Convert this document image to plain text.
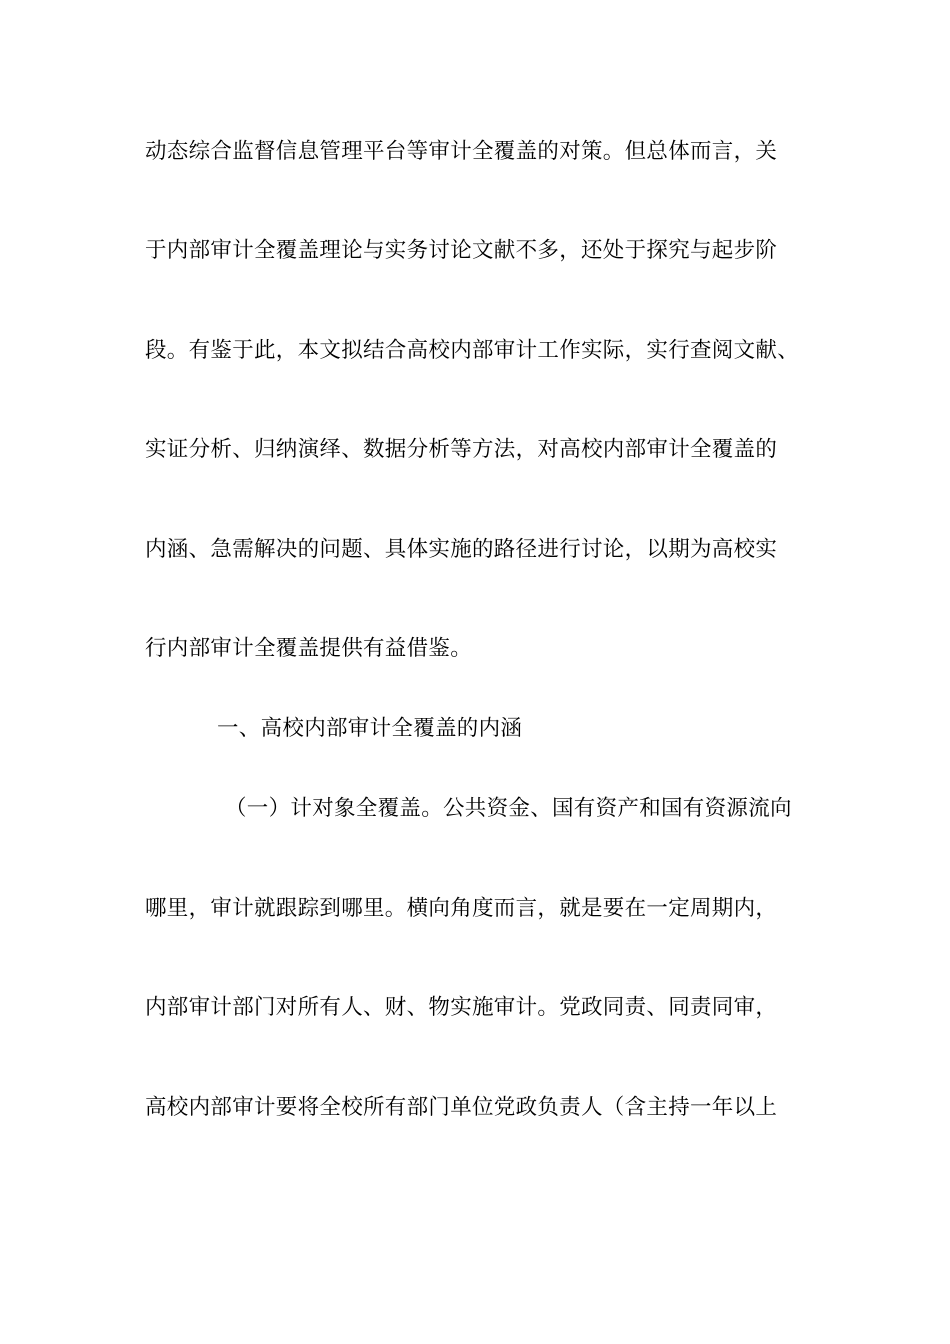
动态综合监督信息管理平台等审计全覆盖的对策。但总体而言，关
于内部审计全覆盖理论与实务讨论文献不多，还处于探究与起步阶
段。有鉴于此，本文拟结合高校内部审计工作实际，实行查阅文献、
实证分析、归纳演绎、数据分析等方法，对高校内部审计全覆盖的
内涵、急需解决的问题、具体实施的路径进行讨论，以期为高校实
行内部审计全覆盖提供有益借鉴。
一、高校内部审计全覆盖的内涵
（一）计对象全覆盖。公共资金、国有资产和国有资源流向
哪里，审计就跟踪到哪里。横向角度而言，就是要在一定周期内，
内部审计部门对所有人、财、物实施审计。党政同责、同责同审，
高校内部审计要将全校所有部门单位党政负责人（含主持一年以上
